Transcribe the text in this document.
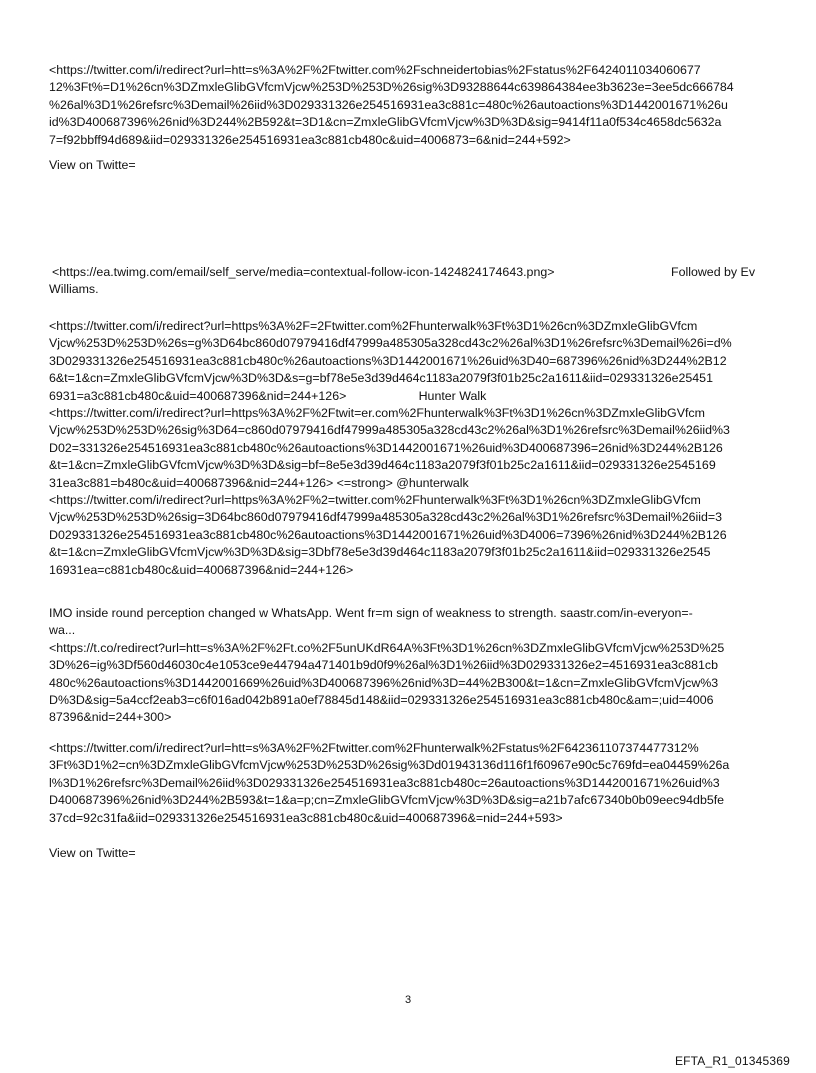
<https://twitter.com/i/redirect?url=htt=s%3A%2F%2Ftwitter.com%2Fschneidertobias%2Fstatus%2F6424011034060677
12%3Ft%=D1%26cn%3DZmxleGlibGVfcmVjcw%253D%253D%26sig%3D93288644c639864384ee3b3623e=3ee5dc666784
%26al%3D1%26refsrc%3Demail%26iid%3D029331326e254516931ea3c881c=480c%26autoactions%3D1442001671%26u
id%3D400687396%26nid%3D244%2B592&t=3D1&cn=ZmxleGlibGVfcmVjcw%3D%3D&sig=9414f11a0f534c4658dc5632a
7=f92bbff94d689&iid=029331326e254516931ea3c881cb480c&uid=4006873=6&nid=244+592>

View on Twitte=

<https://ea.twimg.com/email/self_serve/media=contextual-follow-icon-1424824174643.png>	Followed by Ev
Williams.

<https://twitter.com/i/redirect?url=https%3A%2F=2Ftwitter.com%2Fhunterwalk%3Ft%3D1%26cn%3DZmxleGlibGVfcm
Vjcw%253D%253D%26s=g%3D64bc860d07979416df47999a485305a328cd43c2%26al%3D1%26refsrc%3Demail%26i=d%
3D029331326e254516931ea3c881cb480c%26autoactions%3D1442001671%26uid%3D40=687396%26nid%3D244%2B12
6&t=1&cn=ZmxleGlibGVfcmVjcw%3D%3D&s=g=bf78e5e3d39d464c1183a2079f3f01b25c2a1611&iid=029331326e25451
6931=a3c881cb480c&uid=400687396&nid=244+126>                     Hunter Walk
<https://twitter.com/i/redirect?url=https%3A%2F%2Ftwit=er.com%2Fhunterwalk%3Ft%3D1%26cn%3DZmxleGlibGVfcm
Vjcw%253D%253D%26sig%3D64=c860d07979416df47999a485305a328cd43c2%26al%3D1%26refsrc%3Demail%26iid%3
D02=331326e254516931ea3c881cb480c%26autoactions%3D1442001671%26uid%3D400687396=26nid%3D244%2B126
&t=1&cn=ZmxleGlibGVfcmVjcw%3D%3D&sig=bf=8e5e3d39d464c1183a2079f3f01b25c2a1611&iid=029331326e2545169
31ea3c881=b480c&uid=400687396&nid=244+126> <=strong> @hunterwalk
<https://twitter.com/i/redirect?url=https%3A%2F%2=twitter.com%2Fhunterwalk%3Ft%3D1%26cn%3DZmxleGlibGVfcm
Vjcw%253D%253D%26sig=3D64bc860d07979416df47999a485305a328cd43c2%26al%3D1%26refsrc%3Demail%26iid=3
D029331326e254516931ea3c881cb480c%26autoactions%3D1442001671%26uid%3D4006=7396%26nid%3D244%2B126
&t=1&cn=ZmxleGlibGVfcmVjcw%3D%3D&sig=3Dbf78e5e3d39d464c1183a2079f3f01b25c2a1611&iid=029331326e2545
16931ea=c881cb480c&uid=400687396&nid=244+126>

IMO inside round perception changed w WhatsApp. Went fr=m sign of weakness to strength. saastr.com/in-everyon=-
wa...
<https://t.co/redirect?url=htt=s%3A%2F%2Ft.co%2F5unUKdR64A%3Ft%3D1%26cn%3DZmxleGlibGVfcmVjcw%253D%25
3D%26=ig%3Df560d46030c4e1053ce9e44794a471401b9d0f9%26al%3D1%26iid%3D029331326e2=4516931ea3c881cb
480c%26autoactions%3D1442001669%26uid%3D400687396%26nid%3D=44%2B300&t=1&cn=ZmxleGlibGVfcmVjcw%3
D%3D&sig=5a4ccf2eab3=c6f016ad042b891a0ef78845d148&iid=029331326e254516931ea3c881cb480c&am=;uid=4006
87396&nid=244+300>

<https://twitter.com/i/redirect?url=htt=s%3A%2F%2Ftwitter.com%2Fhunterwalk%2Fstatus%2F642361107374477312%
3Ft%3D1%2=cn%3DZmxleGlibGVfcmVjcw%253D%253D%26sig%3Dd01943136d116f1f60967e90c5c769fd=ea04459%26a
l%3D1%26refsrc%3Demail%26iid%3D029331326e254516931ea3c881cb480c=26autoactions%3D1442001671%26uid%3
D400687396%26nid%3D244%2B593&t=1&a=p;cn=ZmxleGlibGVfcmVjcw%3D%3D&sig=a21b7afc67340b0b09eec94db5fe
37cd=92c31fa&iid=029331326e254516931ea3c881cb480c&uid=400687396&=nid=244+593>

View on Twitte=

3
EFTA_R1_01345369
